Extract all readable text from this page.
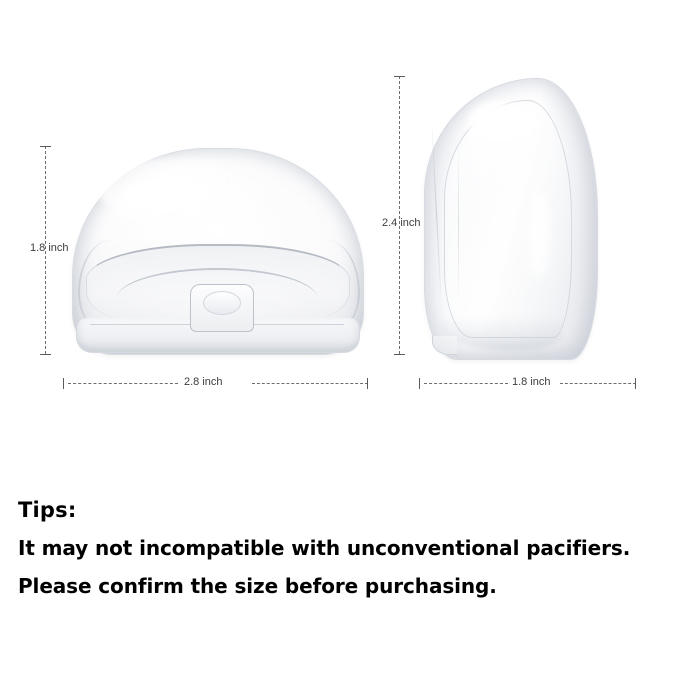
1.8 inch
2.8 inch
2.4 inch
1.8 inch

Tips:

It may not incompatible with unconventional pacifiers.

Please confirm the size before purchasing.
